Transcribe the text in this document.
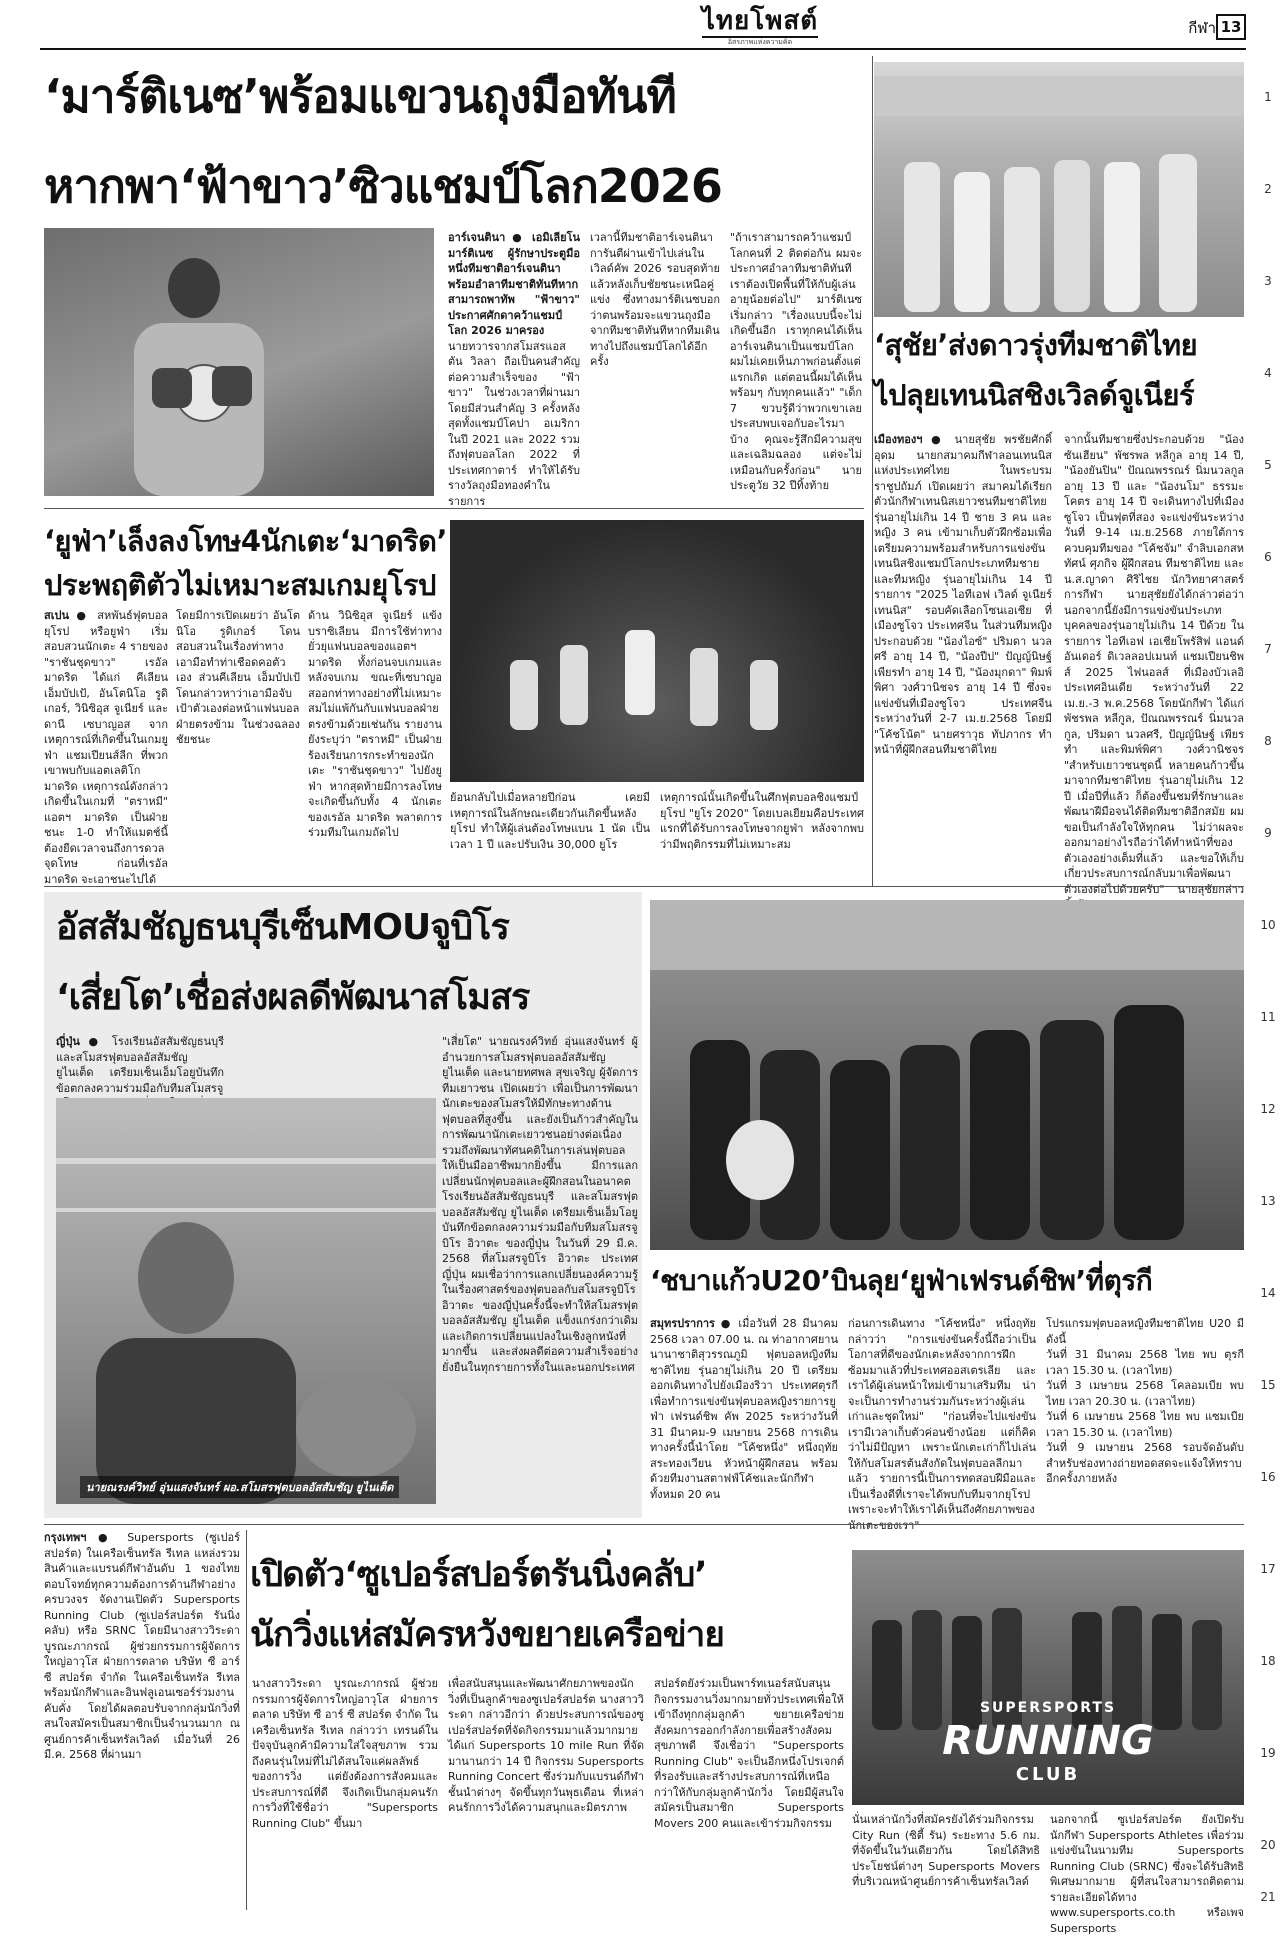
ไทยโพสต์
อิสรภาพแห่งความคิด
กีฬา 13
1
2
3
4
5
6
7
8
9
10
11
12
13
14
15
16
17
18
19
20
21
‘มาร์ติเนซ’พร้อมแขวนถุงมือทันที
หากพา‘ฟ้าขาว’ซิวแชมป์โลก2026
อาร์เจนตินา ● เอมิเลียโน มาร์ติเนซ ผู้รักษาประตูมือหนึ่งทีมชาติอาร์เจนตินา พร้อมอำลาทีมชาติทันทีหากสามารถพาทัพ "ฟ้าขาว" ประกาศศักดาคว้าแชมป์โลก 2026 มาครอง
นายทวารจากสโมสรแอสตัน วิลลา ถือเป็นคนสำคัญต่อความสำเร็จของ "ฟ้าขาว" ในช่วงเวลาที่ผ่านมา โดยมีส่วนสำคัญ 3 ครั้งหลังสุดทั้งแชมป์โคปา อเมริกา ในปี 2021 และ 2022 รวมถึงฟุตบอลโลก 2022 ที่ประเทศกาตาร์ ทำให้ได้รับรางวัลถุงมือทองคำในรายการ
เวลานี้ทีมชาติอาร์เจนตินาการันตีผ่านเข้าไปเล่นในเวิลด์คัพ 2026 รอบสุดท้ายแล้วหลังเก็บชัยชนะเหนือคู่แข่ง ซึ่งทางมาร์ติเนซบอกว่าตนพร้อมจะแขวนถุงมือจากทีมชาติทันทีหากทีมเดินทางไปถึงแชมป์โลกได้อีกครั้ง
"ถ้าเราสามารถคว้าแชมป์โลกคนที่ 2 ติดต่อกัน ผมจะประกาศอำลาทีมชาติทันที เราต้องเปิดพื้นที่ให้กับผู้เล่นอายุน้อยต่อไป" มาร์ติเนซเริ่มกล่าว "เรื่องแบบนี้จะไม่เกิดขึ้นอีก เราทุกคนได้เห็นอาร์เจนตินาเป็นแชมป์โลก ผมไม่เคยเห็นภาพก่อนตั้งแต่แรกเกิด แต่ตอนนี้ผมได้เห็นพร้อมๆ กับทุกคนแล้ว" "เด็ก 7 ขวบรู้ดีว่าพวกเขาเลยประสบพบเจอกับอะไรมาบ้าง คุณจะรู้สึกมีความสุขและเฉลิมฉลอง แต่จะไม่เหมือนกับครั้งก่อน" นายประตูวัย 32 ปีทิ้งท้าย
‘ยูฟ่า’เล็งลงโทษ4นักเตะ‘มาดริด’
ประพฤติตัวไม่เหมาะสมเกมยุโรป
สเปน ● สหพันธ์ฟุตบอลยุโรป หรือยูฟ่า เริ่มสอบสวนนักเตะ 4 รายของ "ราชันชุดขาว" เรอัล มาดริด ได้แก่ คีเลียน เอ็มบัปเป้, อันโตนิโอ รูดิเกอร์, วินิซิอุส จูเนียร์ และดานี เซบาญอส จากเหตุการณ์ที่เกิดขึ้นในเกมยูฟ่า แชมเปียนส์ลีก ที่พวกเขาพบกับแอตเลติโก มาดริด เหตุการณ์ดังกล่าวเกิดขึ้นในเกมที่ "ตราหมี" แอตฯ มาดริด เป็นฝ่ายชนะ 1-0 ทำให้แมตช์นี้ต้องยืดเวลาจนถึงการดวลจุดโทษ ก่อนที่เรอัล มาดริด จะเอาชนะไปได้
โดยมีการเปิดเผยว่า อันโตนิโอ รูดิเกอร์ โดนสอบสวนในเรื่องท่าทางเอามือทำท่าเชือดคอตัวเอง ส่วนคีเลียน เอ็มบัปเป้โดนกล่าวหาว่าเอามือจับเป้าตัวเองต่อหน้าแฟนบอลฝ่ายตรงข้าม ในช่วงฉลองชัยชนะ
ด้าน วินิซิอุส จูเนียร์ แข้งบราซิเลียน มีการใช้ท่าทางยั่วยุแฟนบอลของแอตฯ มาดริด ทั้งก่อนจบเกมและหลังจบเกม ขณะที่เซบาญอสออกท่าทางอย่างที่ไม่เหมาะสมไม่แพ้กันกับแฟนบอลฝ่ายตรงข้ามด้วยเช่นกัน รายงานยังระบุว่า "ตราหมี" เป็นฝ่ายร้องเรียนการกระทำของนักเตะ "ราชันชุดขาว" ไปยังยูฟ่า หากสุดท้ายมีการลงโทษจะเกิดขึ้นกับทั้ง 4 นักเตะของเรอัล มาดริด พลาดการร่วมทีมในเกมถัดไป
ย้อนกลับไปเมื่อหลายปีก่อน เคยมีเหตุการณ์ในลักษณะเดียวกันเกิดขึ้นหลังยุโรป ทำให้ผู้เล่นต้องโทษแบน 1 นัด เป็นเวลา 1 ปี และปรับเงิน 30,000 ยูโร
เหตุการณ์นั้นเกิดขึ้นในศึกฟุตบอลชิงแชมป์ยุโรป "ยูโร 2020" โดยเบลเยียมคือประเทศแรกที่ได้รับการลงโทษจากยูฟ่า หลังจากพบว่ามีพฤติกรรมที่ไม่เหมาะสม
‘สุชัย’ส่งดาวรุ่งทีมชาติไทย
ไปลุยเทนนิสชิงเวิลด์จูเนียร์
เมืองทองฯ ● นายสุชัย พรชัยศักดิ์ อุดม นายกสมาคมกีฬาลอนเทนนิสแห่งประเทศไทย ในพระบรมราชูปถัมภ์ เปิดเผยว่า สมาคมได้เรียกตัวนักกีฬาเทนนิสเยาวชนทีมชาติไทย รุ่นอายุไม่เกิน 14 ปี ชาย 3 คน และหญิง 3 คน เข้ามาเก็บตัวฝึกซ้อมเพื่อเตรียมความพร้อมสำหรับการแข่งขันเทนนิสชิงแชมป์โลกประเภททีมชายและทีมหญิง รุ่นอายุไม่เกิน 14 ปี รายการ "2025 ไอทีเอฟ เวิลด์ จูเนียร์ เทนนิส" รอบคัดเลือกโซนเอเชีย ที่เมืองซูโจว ประเทศจีน ในส่วนทีมหญิง ประกอบด้วย "น้องไอซ์" ปริมดา นวลศรี อายุ 14 ปี, "น้องปีป" ปัญญ์นิษฐ์ เพียรทำ อายุ 14 ปี, "น้องมุกดา" พิมพ์พิศา วงศ์วานิชจร อายุ 14 ปี ซึ่งจะแข่งขันที่เมืองซูโจว ประเทศจีน ระหว่างวันที่ 2-7 เม.ย.2568 โดยมี "โค้ชโน้ต" นายศราวุธ ทัปภากร ทำหน้าที่ผู้ฝึกสอนทีมชาติไทย
จากนั้นทีมชายซึ่งประกอบด้วย "น้องซันเฮียน" พัชรพล หลีกูล อายุ 14 ปี, "น้องยันปิน" ปัณณพรรณร์ นิ่มนวลกูล อายุ 13 ปี และ "น้องนโม" ธรรมะโคตร อายุ 14 ปี จะเดินทางไปที่เมืองซูโจว เป็นฟุตที่สอง จะแข่งขันระหว่างวันที่ 9-14 เม.ย.2568 ภายใต้การควบคุมทีมของ "โค้ชจัม" จำลิบเอกสหทัศน์ ศุภกิจ ผู้ฝึกสอน ทีมชาติไทย และ น.ส.ญาดา ศิริไชย นักวิทยาศาสตร์การกีฬา นายสุชัยยังได้กล่าวต่อว่า นอกจากนี้ยังมีการแข่งขันประเภทบุคคลของรุ่นอายุไม่เกิน 14 ปีด้วย ในรายการ ไอทีเอฟ เอเชียโพรัสิฟ แอนด์ อันเดอร์ ดิเวลลอปเมนท์ แชมเปียนชิพส์ 2025 ไฟนอลส์ ที่เมืองบัวเลอิ ประเทศอินเดีย ระหว่างวันที่ 22 เม.ย.-3 พ.ค.2568 โดยนักกีฬา ได้แก่ พัชรพล หลีกูล, ปัณณพรรณร์ นิ่มนวลกูล, ปริมดา นวลศรี, ปัญญ์นิษฐ์ เพียรทำ และพิมพ์พิศา วงศ์วานิชจร "สำหรับเยาวชนชุดนี้ หลายคนก้าวขึ้นมาจากทีมชาติไทย รุ่นอายุไม่เกิน 12 ปี เมื่อปีที่แล้ว ก็ต้องขึ้นชมที่รักษาและพัฒนาฝีมือจนได้ติดทีมชาติอีกสมัย ผมขอเป็นกำลังใจให้ทุกคน ไม่ว่าผลจะออกมาอย่างไรถือว่าได้ทำหน้าที่ของตัวเองอย่างเต็มที่แล้ว และขอให้เก็บเกี่ยวประสบการณ์กลับมาเพื่อพัฒนาตัวเองต่อไปด้วยครับ" นายสุชัยกล่าว
อัสสัมชัญธนบุรีเซ็นMOUจูบิโร
‘เสี่ยโต’เชื่อส่งผลดีพัฒนาสโมสร
ญี่ปุ่น ● โรงเรียนอัสสัมชัญธนบุรี และสโมสรฟุตบอลอัสสัมชัญ ยูไนเต็ด เตรียมเซ็นเอ็มโอยูบันทึกข้อตกลงความร่วมมือกับทีมสโมสรจู
นายณรงค์วิทย์ อุ่นแสงจันทร์ ผอ.สโมสรฟุตบอลอัสสัมชัญ ยูไนเต็ด
"เสี่ยโต" นายณรงค์วิทย์ อุ่นแสงจันทร์ ผู้อำนวยการสโมสรฟุตบอลอัสสัมชัญ ยูไนเต็ด และนายทศพล สุขเจริญ ผู้จัดการทีมเยาวชน เปิดเผยว่า เพื่อเป็นการพัฒนานักเตะของสโมสรให้มีทักษะทางด้านฟุตบอลที่สูงขึ้น และยังเป็นก้าวสำคัญในการพัฒนานักเตะเยาวชนอย่างต่อเนื่อง รวมถึงพัฒนาทัศนคติในการเล่นฟุตบอลให้เป็นมืออาชีพมากยิ่งขึ้น มีการแลกเปลี่ยนนักฟุตบอลและผู้ฝึกสอนในอนาคต โรงเรียนอัสสัมชัญธนบุรี และสโมสรฟุตบอลอัสสัมชัญ ยูไนเต็ด เตรียมเซ็นเอ็มโอยูบันทึกข้อตกลงความร่วมมือกับทีมสโมสรจูบิโร อิวาตะ ของญี่ปุ่น ในวันที่ 29 มี.ค. 2568 ที่สโมสรจูบิโร อิวาตะ ประเทศญี่ปุ่น ผมเชื่อว่าการแลกเปลี่ยนองค์ความรู้ในเรื่องศาสตร์ของฟุตบอลกับสโมสรจูบิโร อิวาตะ ของญี่ปุ่นครั้งนี้จะทำให้สโมสรฟุตบอลอัสสัมชัญ ยูไนเต็ด แข็งแกร่งกว่าเดิมและเกิดการเปลี่ยนแปลงในเชิงลูกหนังที่มากขึ้น และส่งผลดีต่อความสำเร็จอย่างยั่งยืนในทุกรายการทั้งในและนอกประเทศ
‘ชบาแก้วU20’บินลุย‘ยูฟ่าเฟรนด์ชิพ’ที่ตุรกี
สมุทรปราการ ● เมื่อวันที่ 28 มีนาคม 2568 เวลา 07.00 น. ณ ท่าอากาศยานนานาชาติสุวรรณภูมิ ฟุตบอลหญิงทีมชาติไทย รุ่นอายุไม่เกิน 20 ปี เตรียมออกเดินทางไปยังเมืองริวา ประเทศตุรกี เพื่อทำการแข่งขันฟุตบอลหญิงรายการยูฟ่า เฟรนด์ชิพ คัพ 2025 ระหว่างวันที่ 31 มีนาคม-9 เมษายน 2568 การเดินทางครั้งนี้นำโดย "โค้ชหนึ่ง" หนึ่งฤทัย สระทองเวียน หัวหน้าผู้ฝึกสอน พร้อมด้วยทีมงานสตาฟฟ์โค้ชและนักกีฬาทั้งหมด 20 คน
ก่อนการเดินทาง "โค้ชหนึ่ง" หนึ่งฤทัย กล่าวว่า "การแข่งขันครั้งนี้ถือว่าเป็นโอกาสที่ดีของนักเตะหลังจากการฝึกซ้อมมาแล้วที่ประเทศออสเตรเลีย และเราได้ผู้เล่นหน้าใหม่เข้ามาเสริมทีม น่าจะเป็นการทำงานร่วมกันระหว่างผู้เล่นเก่าและชุดใหม่" "ก่อนที่จะไปแข่งขันเรามีเวลาเก็บตัวค่อนข้างน้อย แต่ก็คิดว่าไม่มีปัญหา เพราะนักเตะเก่าก็ไปเล่นให้กับสโมสรต้นสังกัดในฟุตบอลลีกมาแล้ว รายการนี้เป็นการทดสอบฝีมือและเป็นเรื่องดีที่เราจะได้พบกับทีมจากยุโรป เพราะจะทำให้เราได้เห็นถึงศักยภาพของนักเตะของเรา"
โปรแกรมฟุตบอลหญิงทีมชาติไทย U20 มีดังนี้
วันที่ 31 มีนาคม 2568 ไทย พบ ตุรกี เวลา 15.30 น. (เวลาไทย)
วันที่ 3 เมษายน 2568 โคลอมเบีย พบ ไทย เวลา 20.30 น. (เวลาไทย)
วันที่ 6 เมษายน 2568 ไทย พบ แซมเบีย เวลา 15.30 น. (เวลาไทย)
วันที่ 9 เมษายน 2568 รอบจัดอันดับ สำหรับช่องทางถ่ายทอดสดจะแจ้งให้ทราบอีกครั้งภายหลัง
กรุงเทพฯ ● Supersports (ซูเปอร์สปอร์ต) ในเครือเซ็นทรัล รีเทล แหล่งรวมสินค้าและแบรนด์กีฬาอันดับ 1 ของไทย ตอบโจทย์ทุกความต้องการด้านกีฬาอย่างครบวงจร จัดงานเปิดตัว Supersports Running Club (ซูเปอร์สปอร์ต รันนิ่ง คลับ) หรือ SRNC โดยมีนางสาววิระดา บูรณะภากรณ์ ผู้ช่วยกรรมการผู้จัดการใหญ่อาวุโส ฝ่ายการตลาด บริษัท ซี อาร์ ซี สปอร์ต จำกัด ในเครือเซ็นทรัล รีเทล พร้อมนักกีฬาและอินฟลูเอนเซอร์ร่วมงานคับคั่ง โดยได้ผลตอบรับจากกลุ่มนักวิ่งที่สนใจสมัครเป็นสมาชิกเป็นจำนวนมาก ณ ศูนย์การค้าเซ็นทรัลเวิลด์ เมื่อวันที่ 26 มี.ค. 2568 ที่ผ่านมา
เปิดตัว‘ซูเปอร์สปอร์ตรันนิ่งคลับ’
นักวิ่งแห่สมัครหวังขยายเครือข่าย
นางสาววิระดา บูรณะภากรณ์ ผู้ช่วยกรรมการผู้จัดการใหญ่อาวุโส ฝ่ายการตลาด บริษัท ซี อาร์ ซี สปอร์ต จำกัด ในเครือเซ็นทรัล รีเทล กล่าวว่า เทรนด์ในปัจจุบันลูกค้ามีความใส่ใจสุขภาพ รวมถึงคนรุ่นใหม่ที่ไม่ได้สนใจแค่ผลลัพธ์ของการวิ่ง แต่ยังต้องการสังคมและประสบการณ์ที่ดี จึงเกิดเป็นกลุ่มคนรักการวิ่งที่ใช้ชื่อว่า "Supersports Running Club" ขึ้นมา
เพื่อสนับสนุนและพัฒนาศักยภาพของนักวิ่งที่เป็นลูกค้าของซูเปอร์สปอร์ต นางสาววิระดา กล่าวอีกว่า ด้วยประสบการณ์ของซูเปอร์สปอร์ตที่จัดกิจกรรมมาแล้วมากมาย ได้แก่ Supersports 10 mile Run ที่จัดมานานกว่า 14 ปี กิจกรรม Supersports Running Concert ซึ่งร่วมกับแบรนด์กีฬาชั้นนำต่างๆ จัดขึ้นทุกวันพุธเดือน ที่เหล่าคนรักการวิ่งได้ความสนุกและมิตรภาพ
สปอร์ตยังร่วมเป็นพาร์ทเนอร์สนับสนุนกิจกรรมงานวิ่งมากมายทั่วประเทศเพื่อให้เข้าถึงทุกกลุ่มลูกค้า ขยายเครือข่ายสังคมการออกกำลังกายเพื่อสร้างสังคมสุขภาพดี จึงเชื่อว่า "Supersports Running Club" จะเป็นอีกหนึ่งโปรเจกต์ที่รองรับและสร้างประสบการณ์ที่เหนือกว่าให้กับกลุ่มลูกค้านักวิ่ง โดยมีผู้สนใจสมัครเป็นสมาชิก Supersports Movers 200 คนและเข้าร่วมกิจกรรม
SUPERSPORTS
RUNNING
CLUB
นั่นเหล่านักวิ่งที่สมัครยังได้ร่วมกิจกรรม City Run (ซิตี้ รัน) ระยะทาง 5.6 กม. ที่จัดขึ้นในวันเดียวกัน โดยได้สิทธิประโยชน์ต่างๆ Supersports Movers ที่บริเวณหน้าศูนย์การค้าเซ็นทรัลเวิลด์
นอกจากนี้ ซูเปอร์สปอร์ต ยังเปิดรับนักกีฬา Supersports Athletes เพื่อร่วมแข่งขันในนามทีม Supersports Running Club (SRNC) ซึ่งจะได้รับสิทธิพิเศษมากมาย ผู้ที่สนใจสามารถติดตามรายละเอียดได้ทาง www.supersports.co.th หรือเพจ Supersports
